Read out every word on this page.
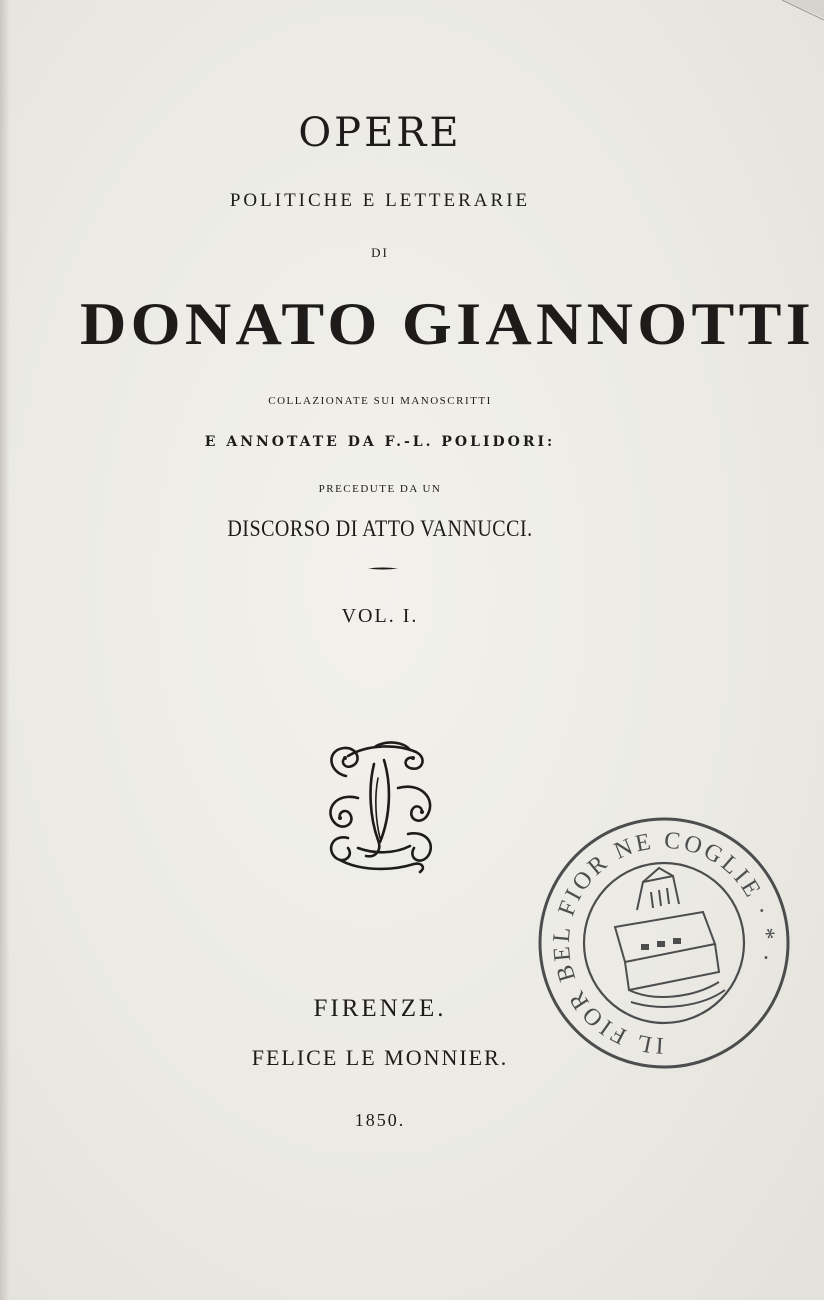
OPERE
POLITICHE E LETTERARIE
DI
DONATO GIANNOTTI
COLLAZIONATE SUI MANOSCRITTI
E ANNOTATE DA F.-L. POLIDORI:
PRECEDUTE DA UN
DISCORSO DI ATTO VANNUCCI.
VOL. I.
FIRENZE.
FELICE LE MONNIER.
1850.
IL FIOR BEL FIOR NE COGLIE · * ·
